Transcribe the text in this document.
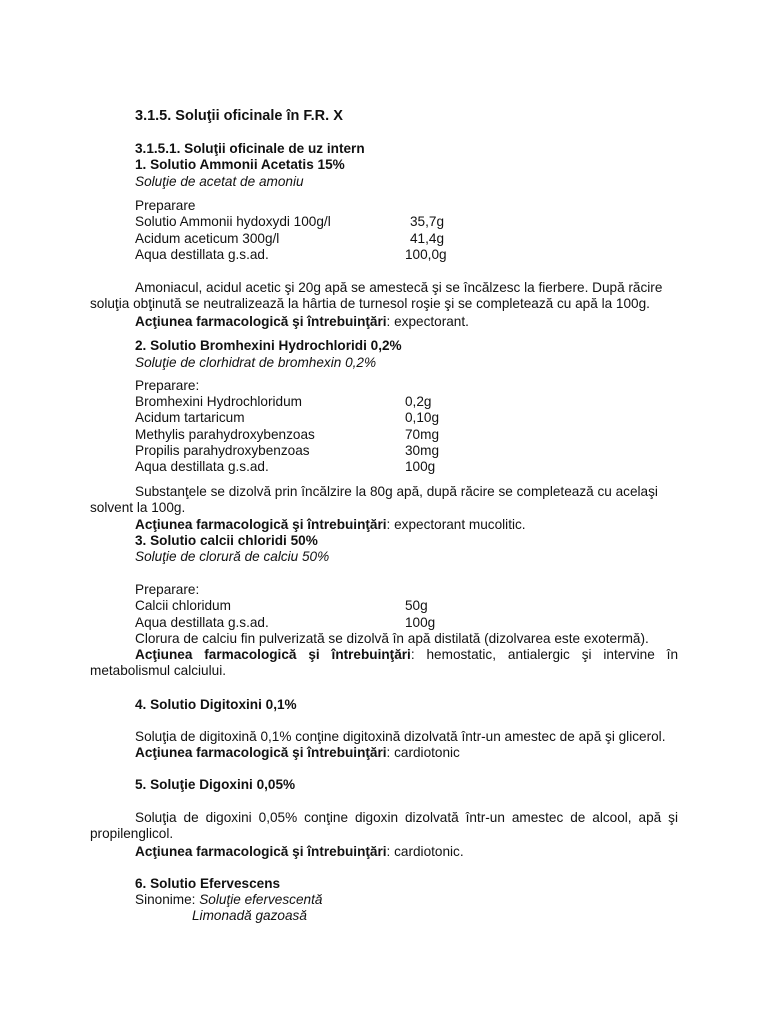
3.1.5. Soluţii oficinale în F.R. X
3.1.5.1. Soluţii oficinale de uz intern
1. Solutio Ammonii Acetatis 15%
Soluţie de acetat de amoniu
Preparare
Solutio Ammonii hydoxydi 100g/l	35,7g
Acidum aceticum 300g/l	41,4g
Aqua destillata g.s.ad.	100,0g
Amoniacul, acidul acetic şi 20g apă se amestecă şi se încălzesc la fierbere. După răcire
soluţia obţinută se neutralizează la hârtia de turnesol roşie şi se completează cu apă la 100g.
Acţiunea farmacologică şi întrebuinţări: expectorant.
2. Solutio Bromhexini Hydrochloridi 0,2%
Soluţie de clorhidrat de bromhexin 0,2%
Preparare:
Bromhexini Hydrochloridum	0,2g
Acidum tartaricum	0,10g
Methylis parahydroxybenzoas	70mg
Propilis parahydroxybenzoas	30mg
Aqua destillata g.s.ad.	100g
Substanţele se dizolvă prin încălzire la 80g apă, după răcire se completează cu acelaşi
solvent la 100g.
Acţiunea farmacologică şi întrebuinţări: expectorant mucolitic.
3. Solutio calcii chloridi 50%
Soluţie de clorură de calciu 50%
Preparare:
Calcii chloridum	50g
Aqua destillata g.s.ad.	100g
Clorura de calciu fin pulverizată se dizolvă în apă distilată (dizolvarea este exotermă).
Acţiunea farmacologică şi întrebuinţări: hemostatic, antialergic şi intervine în
metabolismul calciului.
4. Solutio Digitoxini 0,1%
Soluţia de digitoxină 0,1% conţine digitoxină dizolvată într-un amestec de apă şi glicerol.
Acţiunea farmacologică şi întrebuinţări: cardiotonic
5. Soluţie Digoxini 0,05%
Soluţia de digoxini 0,05% conţine digoxin dizolvată într-un amestec de alcool, apă şi
propilenglicol.
Acţiunea farmacologică şi întrebuinţări: cardiotonic.
6. Solutio Efervescens
Sinonime: Soluţie efervescentă
Limonadă gazoasă
